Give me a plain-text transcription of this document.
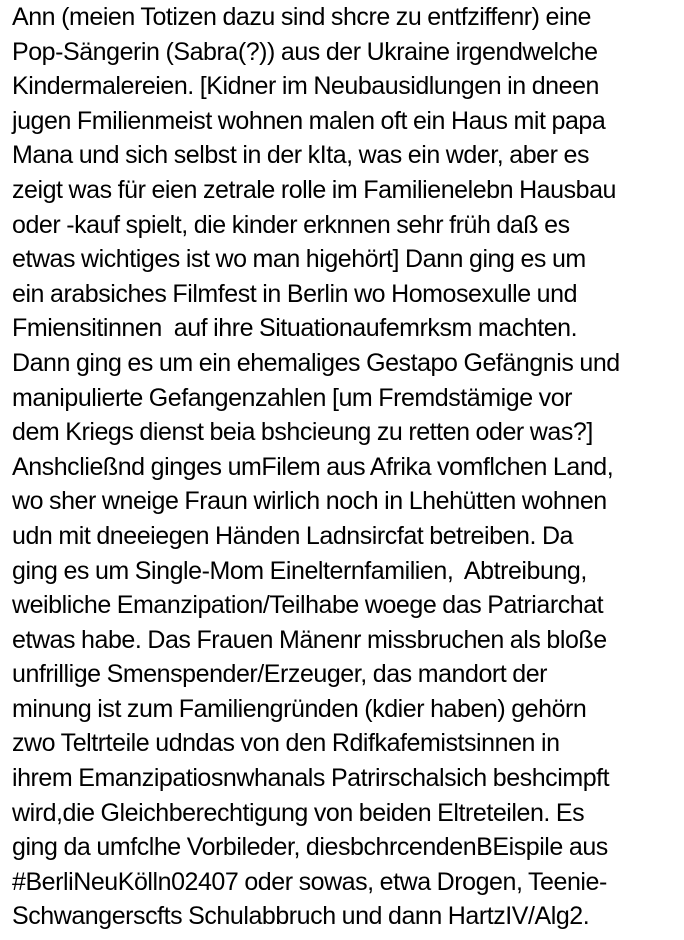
Ann (meien Totizen dazu sind shcre zu entfziffenr) eine
Pop-Sängerin (Sabra(?)) aus der Ukraine irgendwelche
Kindermalereien. [Kidner im Neubausidlungen in dneen
jugen Fmilienmeist wohnen malen oft ein Haus mit papa
Mana und sich selbst in der kIta, was ein wder, aber es
zeigt was für eien zetrale rolle im Familienelebn Hausbau
oder -kauf spielt, die kinder erknnen sehr früh daß es
etwas wichtiges ist wo man higehört] Dann ging es um
ein arabsiches Filmfest in Berlin wo Homosexulle und
Fmiensitinnen  auf ihre Situationaufemrksm machten.
Dann ging es um ein ehemaliges Gestapo Gefängnis und
manipulierte Gefangenzahlen [um Fremdstämige vor
dem Kriegs dienst beia bshcieung zu retten oder was?]
Anshcließnd ginges umFilem aus Afrika vomflchen Land,
wo sher wneige Fraun wirlich noch in Lhehütten wohnen
udn mit dneeiegen Händen Ladnsircfat betreiben. Da
ging es um Single-Mom Einelternfamilien,  Abtreibung,
weibliche Emanzipation/Teilhabe woege das Patriarchat
etwas habe. Das Frauen Mänenr missbruchen als bloße
unfrillige Smenspender/Erzeuger, das mandort der
minung ist zum Familiengründen (kdier haben) gehörn
zwo Teltrteile udndas von den Rdifkafemistsinnen in
ihrem Emanzipatiosnwhanals Patrirschalsich beshcimpft
wird,die Gleichberechtigung von beiden Eltreteilen. Es
ging da umfclhe Vorbileder, diesbchrcendenBEispile aus
#BerliNeuKölln02407 oder sowas, etwa Drogen, Teenie-
Schwangerscfts Schulabbruch und dann HartzIV/Alg2.
